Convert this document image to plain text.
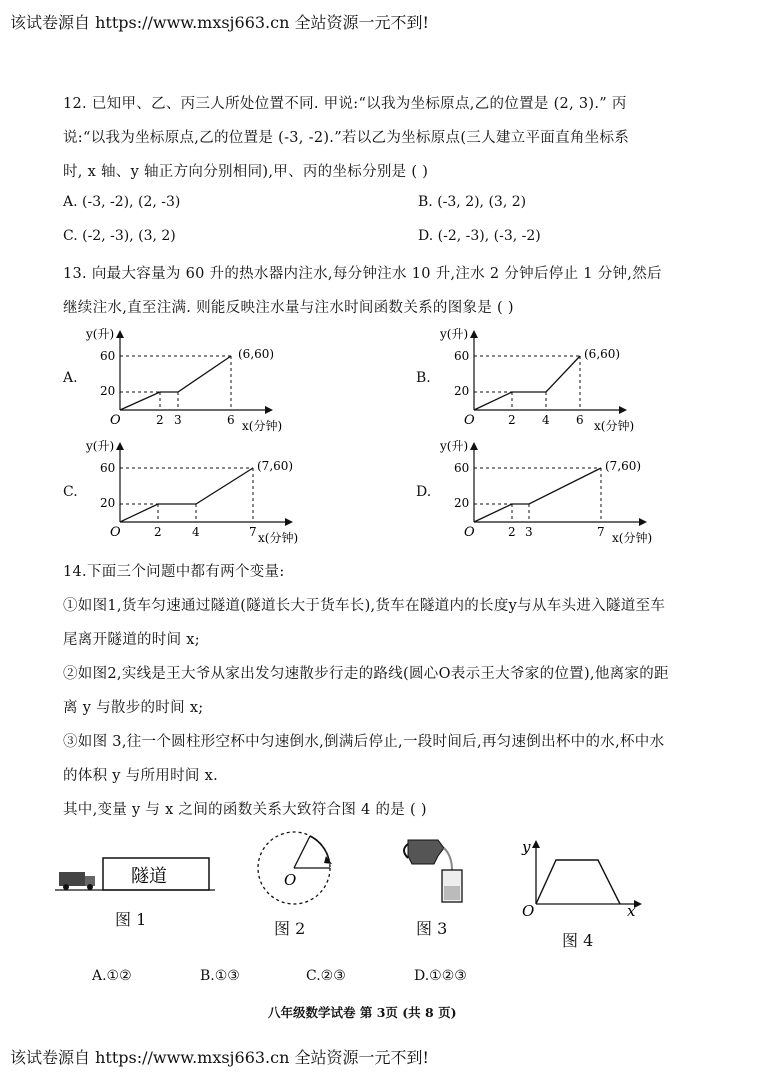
该试卷源自 https://www.mxsj663.cn 全站资源一元不到!
12. 已知甲、乙、丙三人所处位置不同. 甲说:“以我为坐标原点,乙的位置是 (2, 3).” 丙
说:“以我为坐标原点,乙的位置是 (-3, -2).”若以乙为坐标原点(三人建立平面直角坐标系
时, x 轴、y 轴正方向分别相同),甲、丙的坐标分别是 ( )
A. (-3, -2), (2, -3)	B. (-3, 2), (3, 2)
C. (-2, -3), (3, 2)	D. (-2, -3), (-3, -2)
13. 向最大容量为 60 升的热水器内注水,每分钟注水 10 升,注水 2 分钟后停止 1 分钟,然后
继续注水,直至注满. 则能反映注水量与注水时间函数关系的图象是 ( )
A.
y(升)
60
20
O	2 3	6
(6,60)
x(分钟)
B.
y(升)
60
20
O	2 4 6
(6,60)
x(分钟)
C.
y(升)
60
20
O	2	4	7
(7,60)
x(分钟)
D.
y(升)
60
20
O	2 3	7
(7,60)
x(分钟)
14.下面三个问题中都有两个变量:
①如图1,货车匀速通过隧道(隧道长大于货车长),货车在隧道内的长度y与从车头进入隧道至车
尾离开隧道的时间 x;
②如图2,实线是王大爷从家出发匀速散步行走的路线(圆心O表示王大爷家的位置),他离家的距
离 y 与散步的时间 x;
③如图 3,往一个圆柱形空杯中匀速倒水,倒满后停止,一段时间后,再匀速倒出杯中的水,杯中水
的体积 y 与所用时间 x.
其中,变量 y 与 x 之间的函数关系大致符合图 4 的是 ( )
隧道
图 1
O
图 2	图 3
y
x
O
图 4
A.①②	B.①③	C.②③	D.①②③
八年级数学试卷 第 3页 (共 8 页)
该试卷源自 https://www.mxsj663.cn 全站资源一元不到!
